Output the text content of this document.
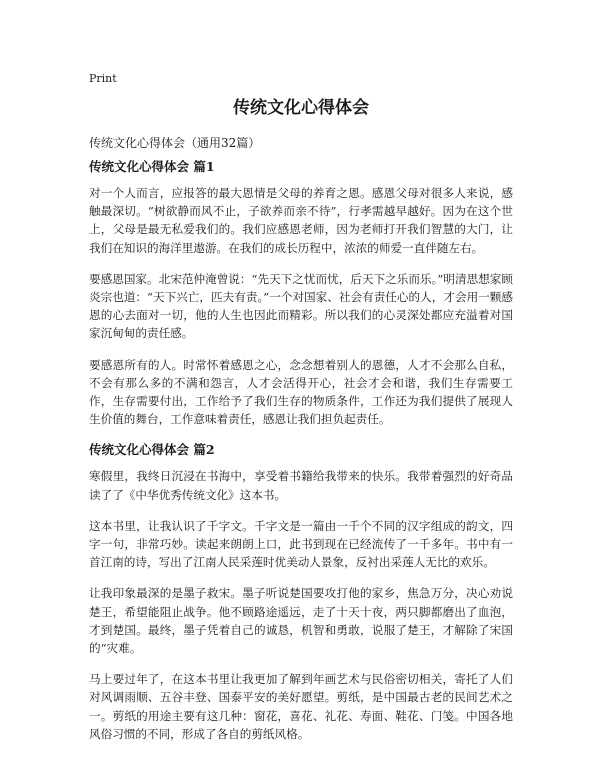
Print
传统文化心得体会

传统文化心得体会（通用32篇）

传统文化心得体会 篇1

对一个人而言，应报答的最大恩情是父母的养育之恩。感恩父母对很多人来说，感触最深切。“树欲静而风不止，子欲养而亲不待”，行孝需越早越好。因为在这个世上，父母是最无私爱我们的。我们应感恩老师，因为老师打开我们智慧的大门，让我们在知识的海洋里遨游。在我们的成长历程中，浓浓的师爱一直伴随左右。

要感恩国家。北宋范仲淹曾说：“先天下之忧而忧，后天下之乐而乐。”明清思想家顾炎宗也道：“天下兴亡，匹夫有责。”一个对国家、社会有责任心的人，才会用一颗感恩的心去面对一切，他的人生也因此而精彩。所以我们的心灵深处都应充溢着对国家沉甸甸的责任感。

要感恩所有的人。时常怀着感恩之心，念念想着别人的恩德，人才不会那么自私，不会有那么多的不满和怨言，人才会活得开心，社会才会和谐，我们生存需要工作，生存需要付出，工作给予了我们生存的物质条件，工作还为我们提供了展现人生价值的舞台，工作意味着责任，感恩让我们担负起责任。

传统文化心得体会 篇2

寒假里，我终日沉浸在书海中，享受着书籍给我带来的快乐。我带着强烈的好奇品读了了《中华优秀传统文化》这本书。

这本书里，让我认识了千字文。千字文是一篇由一千个不同的汉字组成的韵文，四字一句，非常巧妙。读起来朗朗上口，此书到现在已经流传了一千多年。书中有一首江南的诗，写出了江南人民采莲时优美动人景象，反衬出采莲人无比的欢乐。

让我印象最深的是墨子救宋。墨子听说楚国要攻打他的家乡，焦急万分，决心劝说楚王，希望能阻止战争。他不顾路途遥远，走了十天十夜，两只脚都磨出了血泡，才到楚国。最终，墨子凭着自己的诚恳，机智和勇敢，说服了楚王，才解除了宋国的“灾难。

马上要过年了，在这本书里让我更加了解到年画艺术与民俗密切相关，寄托了人们对风调雨顺、五谷丰登、国泰平安的美好愿望。剪纸，是中国最古老的民间艺术之一。剪纸的用途主要有这几种：窗花，喜花、礼花、寿面、鞋花、门笺。中国各地风俗习惯的不同，形成了各自的剪纸风格。
